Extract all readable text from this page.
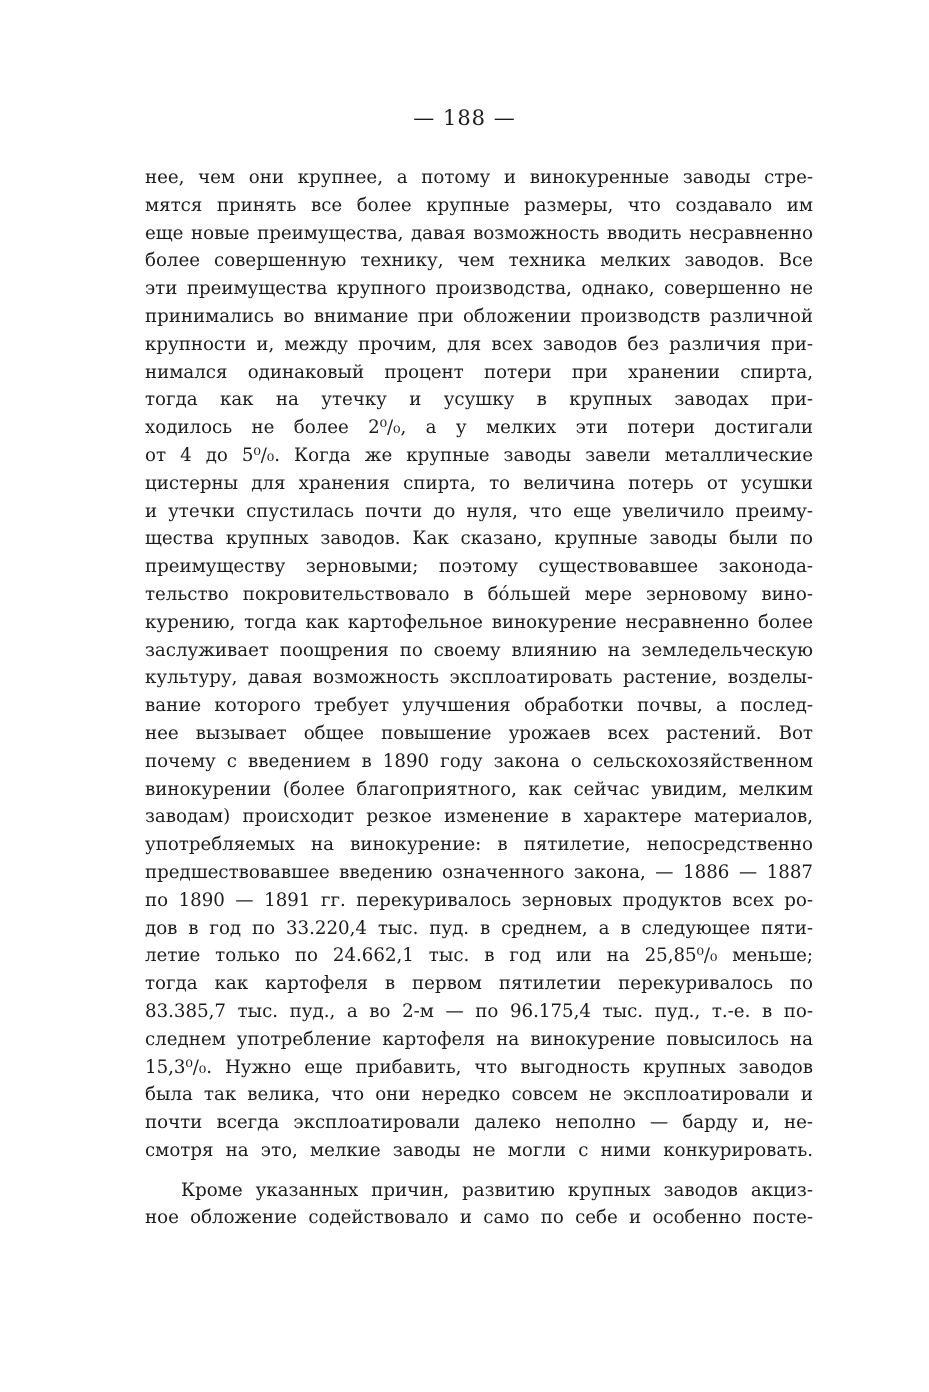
— 188 —
нее, чем они крупнее, а потому и винокуренные заводы стре-
мятся принять все более крупные размеры, что создавало им
еще новые преимущества, давая возможность вводить несравненно
более совершенную технику, чем техника мелких заводов. Все
эти преимущества крупного производства, однако, совершенно не
принимались во внимание при обложении производств различной
крупности и, между прочим, для всех заводов без различия при-
нимался одинаковый процент потери при хранении спирта,
тогда как на утечку и усушку в крупных заводах при-
ходилось не более 2⁰/₀, а у мелких эти потери достигали
от 4 до 5⁰/₀. Когда же крупные заводы завели металлические
цистерны для хранения спирта, то величина потерь от усушки
и утечки спустилась почти до нуля, что еще увеличило преиму-
щества крупных заводов. Как сказано, крупные заводы были по
преимуществу зерновыми; поэтому существовавшее законода-
тельство покровительствовало в бо́льшей мере зерновому вино-
курению, тогда как картофельное винокурение несравненно более
заслуживает поощрения по своему влиянию на земледельческую
культуру, давая возможность эксплоатировать растение, возделы-
вание которого требует улучшения обработки почвы, а послед-
нее вызывает общее повышение урожаев всех растений. Вот
почему с введением в 1890 году закона о сельскохозяйственном
винокурении (более благоприятного, как сейчас увидим, мелким
заводам) происходит резкое изменение в характере материалов,
употребляемых на винокурение: в пятилетие, непосредственно
предшествовавшее введению означенного закона, — 1886 — 1887
по 1890 — 1891 гг. перекуривалось зерновых продуктов всех ро-
дов в год по 33.220,4 тыс. пуд. в среднем, а в следующее пяти-
летие только по 24.662,1 тыс. в год или на 25,85⁰/₀ меньше;
тогда как картофеля в первом пятилетии перекуривалось по
83.385,7 тыс. пуд., а во 2-м — по 96.175,4 тыс. пуд., т.-е. в по-
следнем употребление картофеля на винокурение повысилось на
15,3⁰/₀. Нужно еще прибавить, что выгодность крупных заводов
была так велика, что они нередко совсем не эксплоатировали и
почти всегда эксплоатировали далеко неполно — барду и, не-
смотря на это, мелкие заводы не могли с ними конкурировать.
Кроме указанных причин, развитию крупных заводов акциз-
ное обложение содействовало и само по себе и особенно посте-
